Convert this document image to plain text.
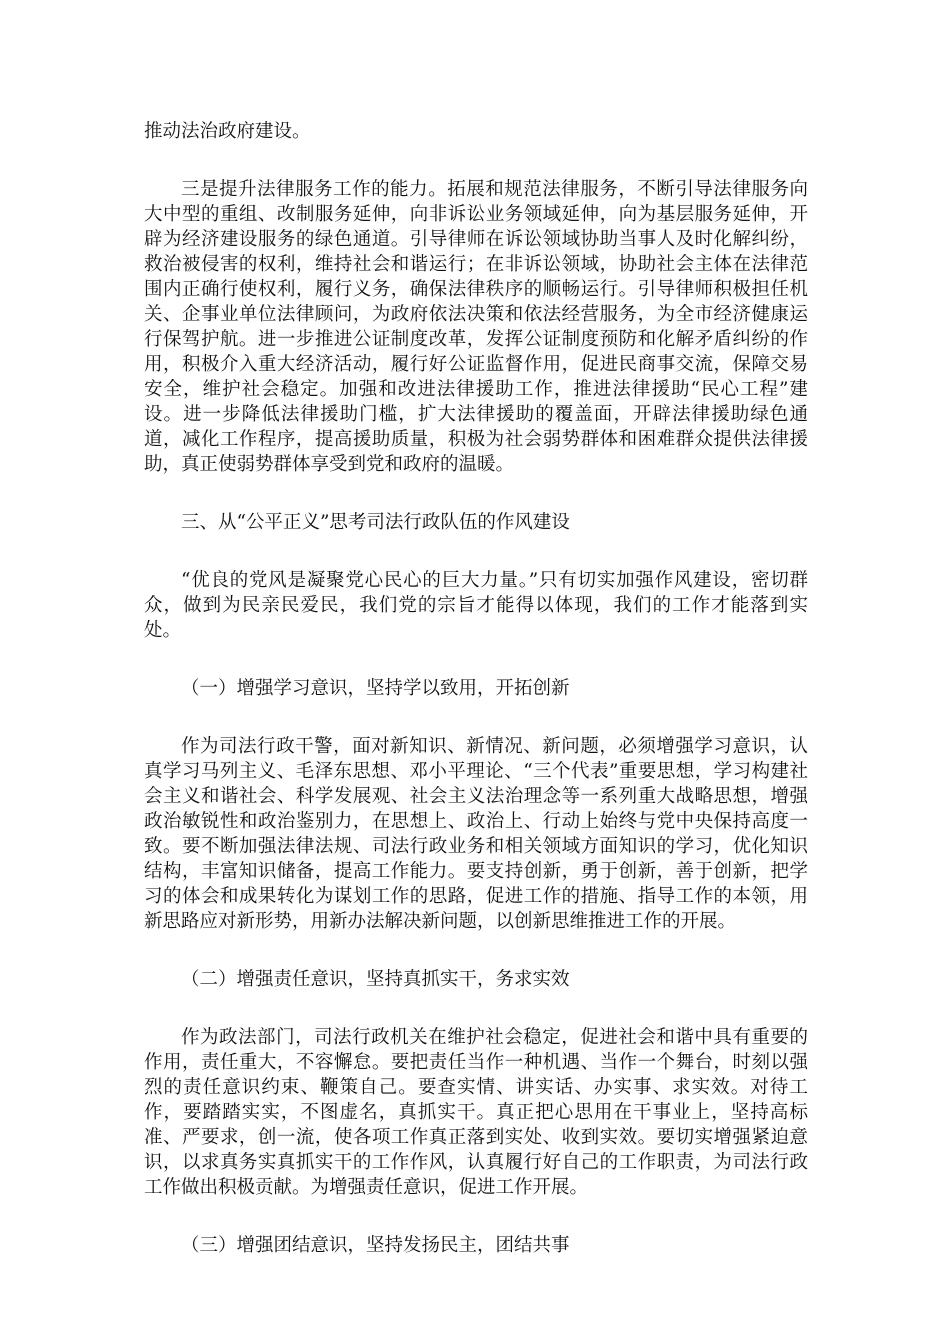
推动法治政府建设。

三是提升法律服务工作的能力。拓展和规范法律服务，不断引导法律服务向大中型的重组、改制服务延伸，向非诉讼业务领域延伸，向为基层服务延伸，开辟为经济建设服务的绿色通道。引导律师在诉讼领域协助当事人及时化解纠纷，救治被侵害的权利，维持社会和谐运行；在非诉讼领域，协助社会主体在法律范围内正确行使权利，履行义务，确保法律秩序的顺畅运行。引导律师积极担任机关、企事业单位法律顾问，为政府依法决策和依法经营服务，为全市经济健康运行保驾护航。进一步推进公证制度改革，发挥公证制度预防和化解矛盾纠纷的作用，积极介入重大经济活动，履行好公证监督作用，促进民商事交流，保障交易安全，维护社会稳定。加强和改进法律援助工作，推进法律援助“民心工程”建设。进一步降低法律援助门槛，扩大法律援助的覆盖面，开辟法律援助绿色通道，减化工作程序，提高援助质量，积极为社会弱势群体和困难群众提供法律援助，真正使弱势群体享受到党和政府的温暖。

三、从“公平正义”思考司法行政队伍的作风建设

“优良的党风是凝聚党心民心的巨大力量。”只有切实加强作风建设，密切群众，做到为民亲民爱民，我们党的宗旨才能得以体现，我们的工作才能落到实处。

（一）增强学习意识，坚持学以致用，开拓创新

作为司法行政干警，面对新知识、新情况、新问题，必须增强学习意识，认真学习马列主义、毛泽东思想、邓小平理论、“三个代表”重要思想，学习构建社会主义和谐社会、科学发展观、社会主义法治理念等一系列重大战略思想，增强政治敏锐性和政治鉴别力，在思想上、政治上、行动上始终与党中央保持高度一致。要不断加强法律法规、司法行政业务和相关领域方面知识的学习，优化知识结构，丰富知识储备，提高工作能力。要支持创新，勇于创新，善于创新，把学习的体会和成果转化为谋划工作的思路，促进工作的措施、指导工作的本领，用新思路应对新形势，用新办法解决新问题，以创新思维推进工作的开展。

（二）增强责任意识，坚持真抓实干，务求实效

作为政法部门，司法行政机关在维护社会稳定，促进社会和谐中具有重要的作用，责任重大，不容懈怠。要把责任当作一种机遇、当作一个舞台，时刻以强烈的责任意识约束、鞭策自己。要查实情、讲实话、办实事、求实效。对待工作，要踏踏实实，不图虚名，真抓实干。真正把心思用在干事业上，坚持高标准、严要求，创一流，使各项工作真正落到实处、收到实效。要切实增强紧迫意识，以求真务实真抓实干的工作作风，认真履行好自己的工作职责，为司法行政工作做出积极贡献。为增强责任意识，促进工作开展。

（三）增强团结意识，坚持发扬民主，团结共事
